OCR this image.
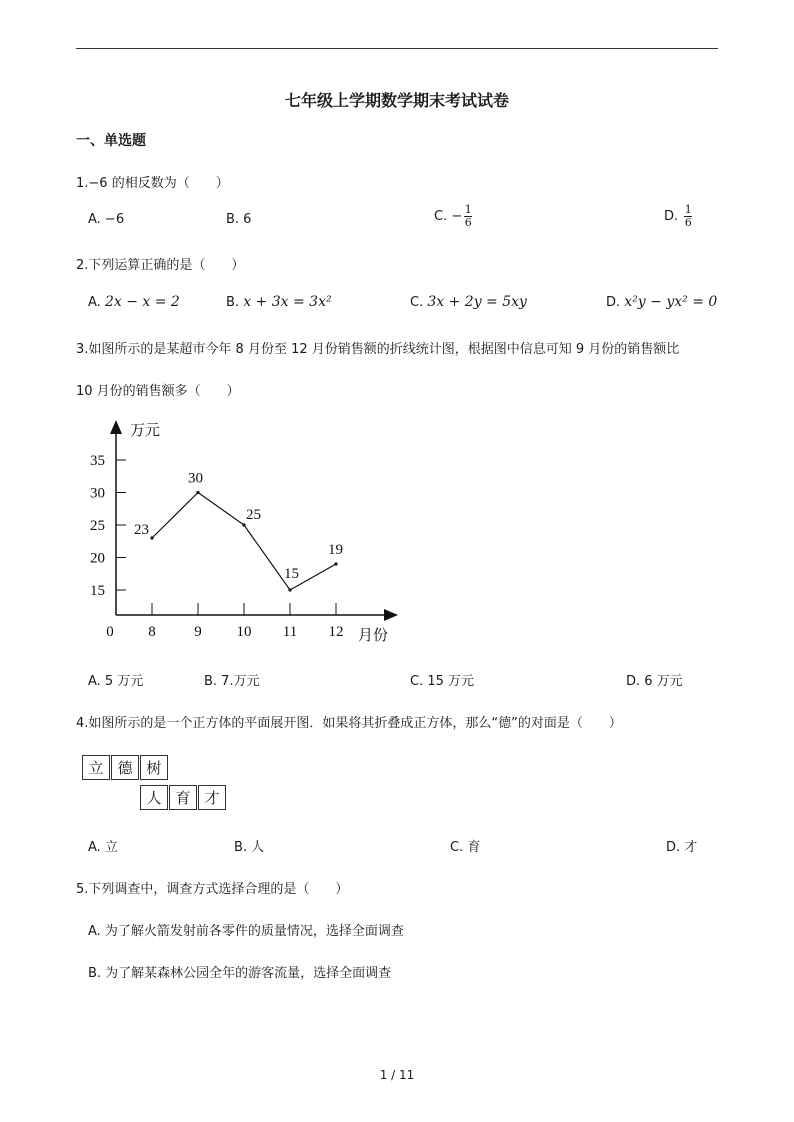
七年级上学期数学期末考试试卷
一、单选题
1.−6 的相反数为（　　）
A. −6	B. 6	C. − $\frac{1}{6}$	D. $\frac{1}{6}$
2.下列运算正确的是（　　）
A. 2x − x = 2	B. x + 3x = 3x²	C. 3x + 2y = 5xy	D. x²y − yx² = 0
3.如图所示的是某超市今年 8 月份至 12 月份销售额的折线统计图，根据图中信息可知 9 月份的销售额比
10 月份的销售额多（　　）
万元
月份
0
15
20
25
30
35
8	9 10 11 12
23
30
25
15
19
A. 5 万元	B. 7.万元	C. 15 万元	D. 6 万元
4.如图所示的是一个正方体的平面展开图．如果将其折叠成正方体，那么“德”的对面是（　　）
立 德 树
人 育 才
A. 立	B. 人	C. 育	D. 才
5.下列调查中，调查方式选择合理的是（　　）
A. 为了解火箭发射前各零件的质量情况，选择全面调查
B. 为了解某森林公园全年的游客流量，选择全面调查
1 / 11
